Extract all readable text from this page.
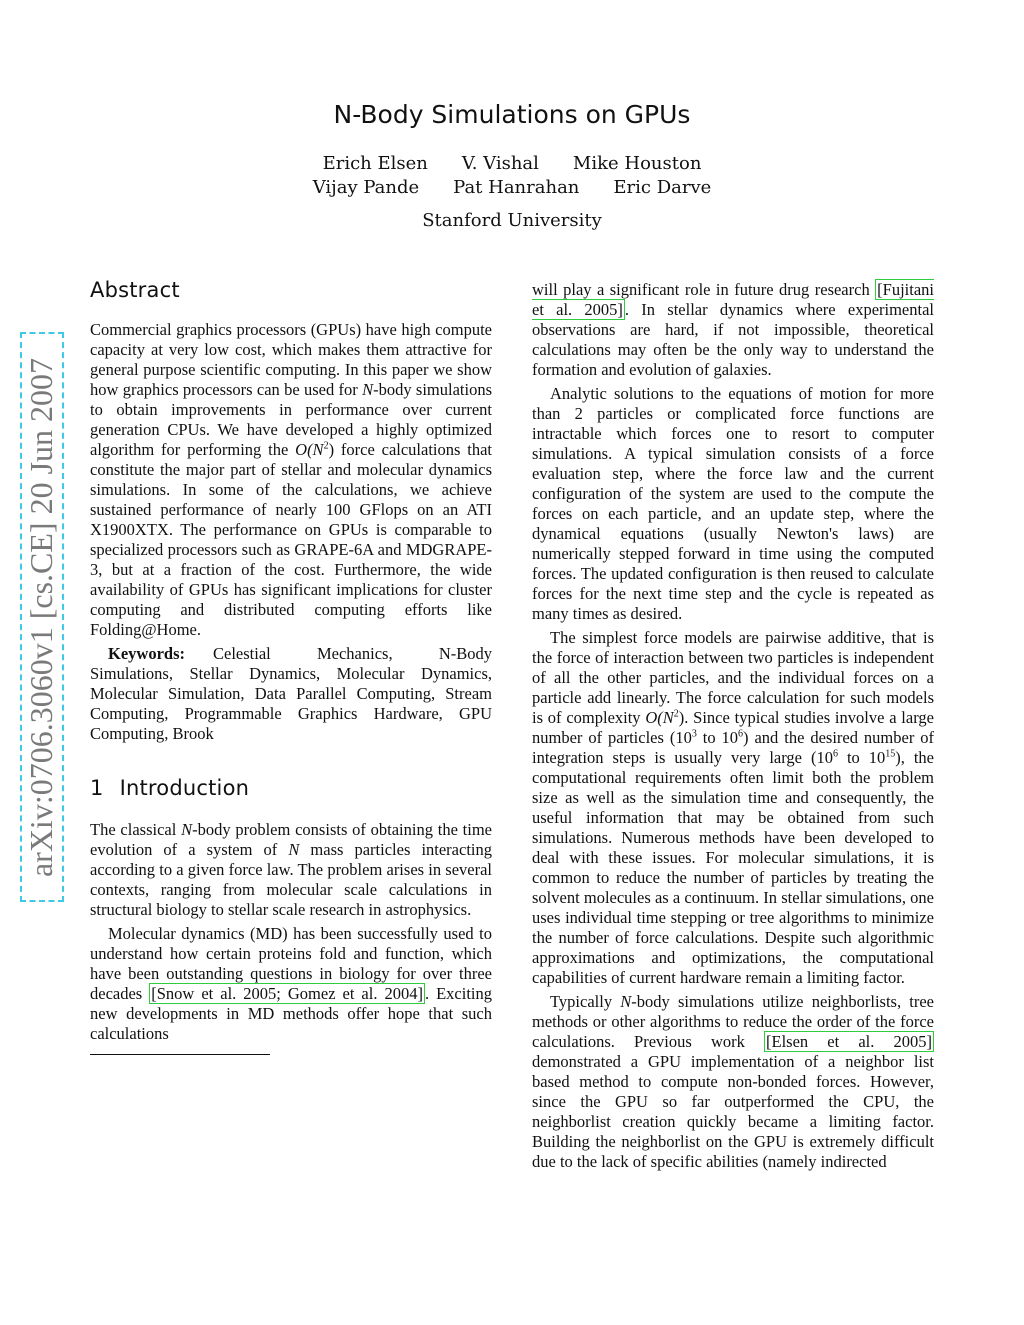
arXiv:0706.3060v1 [cs.CE] 20 Jun 2007
N-Body Simulations on GPUs
Erich Elsen V. Vishal Mike Houston
Vijay Pande Pat Hanrahan Eric Darve
Stanford University
Abstract

Commercial graphics processors (GPUs) have high compute capacity at very low cost, which makes them attractive for general purpose scientific computing. In this paper we show how graphics processors can be used for N-body simulations to obtain improvements in performance over current generation CPUs. We have developed a highly optimized algorithm for performing the $O(N^2)$ force calculations that constitute the major part of stellar and molecular dynamics simulations. In some of the calculations, we achieve sustained performance of nearly 100 GFlops on an ATI X1900XTX. The performance on GPUs is comparable to specialized processors such as GRAPE-6A and MDGRAPE-3, but at a fraction of the cost. Furthermore, the wide availability of GPUs has significant implications for cluster computing and distributed computing efforts like Folding@Home.

Keywords: Celestial Mechanics, N-Body Simulations, Stellar Dynamics, Molecular Dynamics, Molecular Simulation, Data Parallel Computing, Stream Computing, Programmable Graphics Hardware, GPU Computing, Brook

1 Introduction

The classical N-body problem consists of obtaining the time evolution of a system of N mass particles interacting according to a given force law. The problem arises in several contexts, ranging from molecular scale calculations in structural biology to stellar scale research in astrophysics.

Molecular dynamics (MD) has been successfully used to understand how certain proteins fold and function, which have been outstanding questions in biology for over three decades [Snow et al. 2005; Gomez et al. 2004] . Exciting new developments in MD methods offer hope that such calculations

will play a significant role in future drug research [Fujitani et al. 2005] . In stellar dynamics where experimental observations are hard, if not impossible, theoretical calculations may often be the only way to understand the formation and evolution of galaxies.

Analytic solutions to the equations of motion for more than 2 particles or complicated force functions are intractable which forces one to resort to computer simulations. A typical simulation consists of a force evaluation step, where the force law and the current configuration of the system are used to the compute the forces on each particle, and an update step, where the dynamical equations (usually Newton's laws) are numerically stepped forward in time using the computed forces. The updated configuration is then reused to calculate forces for the next time step and the cycle is repeated as many times as desired.

The simplest force models are pairwise additive, that is the force of interaction between two particles is independent of all the other particles, and the individual forces on a particle add linearly. The force calculation for such models is of complexity $O(N^2)$. Since typical studies involve a large number of particles ($10^3$ to $10^6$) and the desired number of integration steps is usually very large ($10^6$ to $10^{15}$), the computational requirements often limit both the problem size as well as the simulation time and consequently, the useful information that may be obtained from such simulations. Numerous methods have been developed to deal with these issues. For molecular simulations, it is common to reduce the number of particles by treating the solvent molecules as a continuum. In stellar simulations, one uses individual time stepping or tree algorithms to minimize the number of force calculations. Despite such algorithmic approximations and optimizations, the computational capabilities of current hardware remain a limiting factor.

Typically N-body simulations utilize neighborlists, tree methods or other algorithms to reduce the order of the force calculations. Previous work [Elsen et al. 2005] demonstrated a GPU implementation of a neighbor list based method to compute non-bonded forces. However, since the GPU so far outperformed the CPU, the neighborlist creation quickly became a limiting factor. Building the neighborlist on the GPU is extremely difficult due to the lack of specific abilities (namely indirected
